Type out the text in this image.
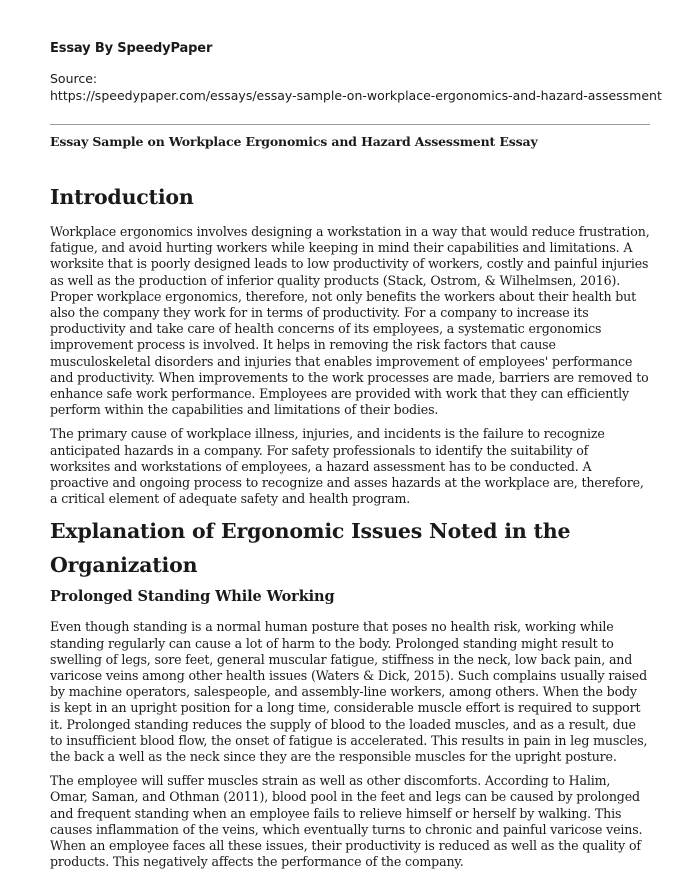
Essay By SpeedyPaper

Source:
https://speedypaper.com/essays/essay-sample-on-workplace-ergonomics-and-hazard-assessment

Essay Sample on Workplace Ergonomics and Hazard Assessment Essay

Introduction

Workplace ergonomics involves designing a workstation in a way that would reduce frustration, fatigue, and avoid hurting workers while keeping in mind their capabilities and limitations. A worksite that is poorly designed leads to low productivity of workers, costly and painful injuries as well as the production of inferior quality products (Stack, Ostrom, & Wilhelmsen, 2016). Proper workplace ergonomics, therefore, not only benefits the workers about their health but also the company they work for in terms of productivity. For a company to increase its productivity and take care of health concerns of its employees, a systematic ergonomics improvement process is involved. It helps in removing the risk factors that cause musculoskeletal disorders and injuries that enables improvement of employees' performance and productivity. When improvements to the work processes are made, barriers are removed to enhance safe work performance. Employees are provided with work that they can efficiently perform within the capabilities and limitations of their bodies.

The primary cause of workplace illness, injuries, and incidents is the failure to recognize anticipated hazards in a company. For safety professionals to identify the suitability of worksites and workstations of employees, a hazard assessment has to be conducted. A proactive and ongoing process to recognize and asses hazards at the workplace are, therefore, a critical element of adequate safety and health program.

Explanation of Ergonomic Issues Noted in the Organization
Prolonged Standing While Working

Even though standing is a normal human posture that poses no health risk, working while standing regularly can cause a lot of harm to the body. Prolonged standing might result to swelling of legs, sore feet, general muscular fatigue, stiffness in the neck, low back pain, and varicose veins among other health issues (Waters & Dick, 2015). Such complains usually raised by machine operators, salespeople, and assembly-line workers, among others. When the body is kept in an upright position for a long time, considerable muscle effort is required to support it. Prolonged standing reduces the supply of blood to the loaded muscles, and as a result, due to insufficient blood flow, the onset of fatigue is accelerated. This results in pain in leg muscles, the back a well as the neck since they are the responsible muscles for the upright posture.

The employee will suffer muscles strain as well as other discomforts. According to Halim, Omar, Saman, and Othman (2011), blood pool in the feet and legs can be caused by prolonged and frequent standing when an employee fails to relieve himself or herself by walking. This causes inflammation of the veins, which eventually turns to chronic and painful varicose veins. When an employee faces all these issues, their productivity is reduced as well as the quality of products. This negatively affects the performance of the company.
